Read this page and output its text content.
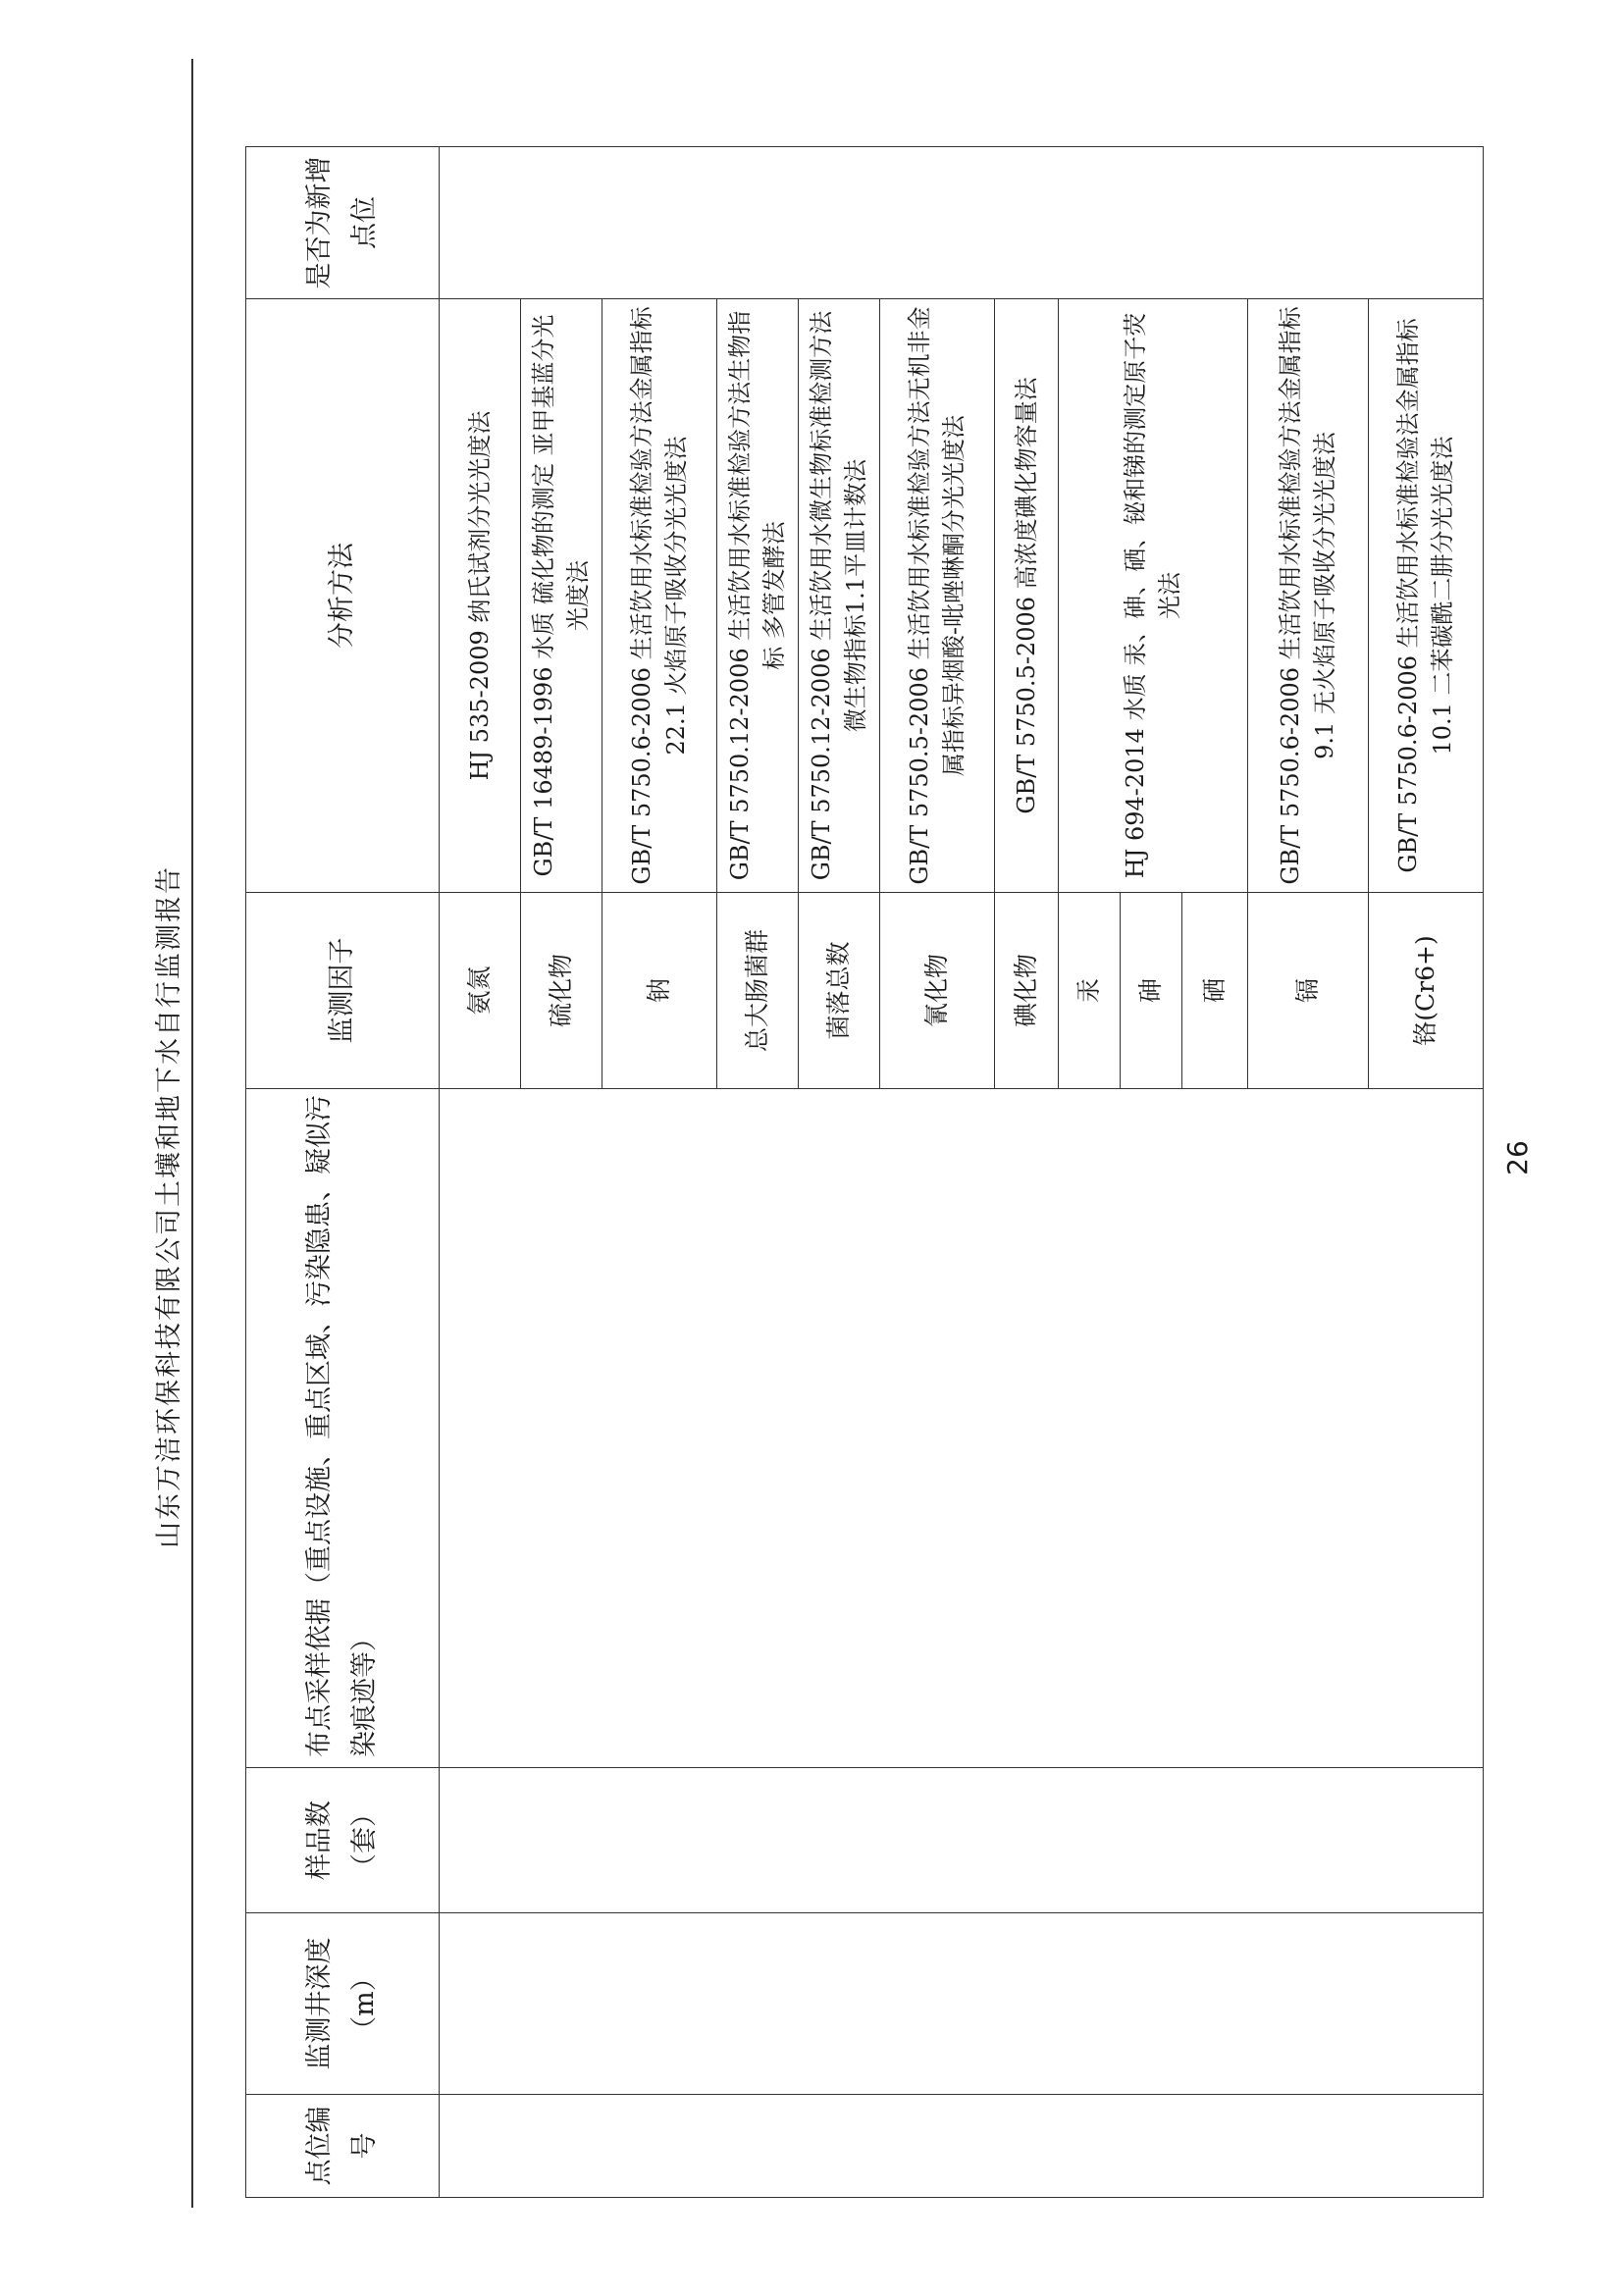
山东万洁环保科技有限公司土壤和地下水自行监测报告
点位编号	监测井深度（m）	样品数（套）	布点采样依据（重点设施、重点区域、污染隐患、疑似污染痕迹等）	监测因子	分析方法	是否为新增点位
				氨氮	HJ 535-2009 纳氏试剂分光光度法	
				硫化物	GB/T 16489-1996 水质 硫化物的测定 亚甲基蓝分光光度法	
				钠	GB/T 5750.6-2006 生活饮用水标准检验方法金属指标 22.1 火焰原子吸收分光光度法	
				总大肠菌群	GB/T 5750.12-2006 生活饮用水标准检验方法生物指标 多管发酵法	
				菌落总数	GB/T 5750.12-2006 生活饮用水微生物标准检测方法 微生物指标1.1平皿计数法	
				氰化物	GB/T 5750.5-2006 生活饮用水标准检验方法无机非金属指标异烟酸-吡唑啉酮分光光度法	
				碘化物	GB/T 5750.5-2006 高浓度碘化物容量法	
				汞	HJ 694-2014 水质 汞、砷、硒、铋和锑的测定原子荧光法	
				砷		
				硒		
				镉	GB/T 5750.6-2006 生活饮用水标准检验方法金属指标 9.1 无火焰原子吸收分光光度法	
				铬(Cr6+)	GB/T 5750.6-2006 生活饮用水标准检验法金属指标 10.1 二苯碳酰二肼分光光度法	
26
